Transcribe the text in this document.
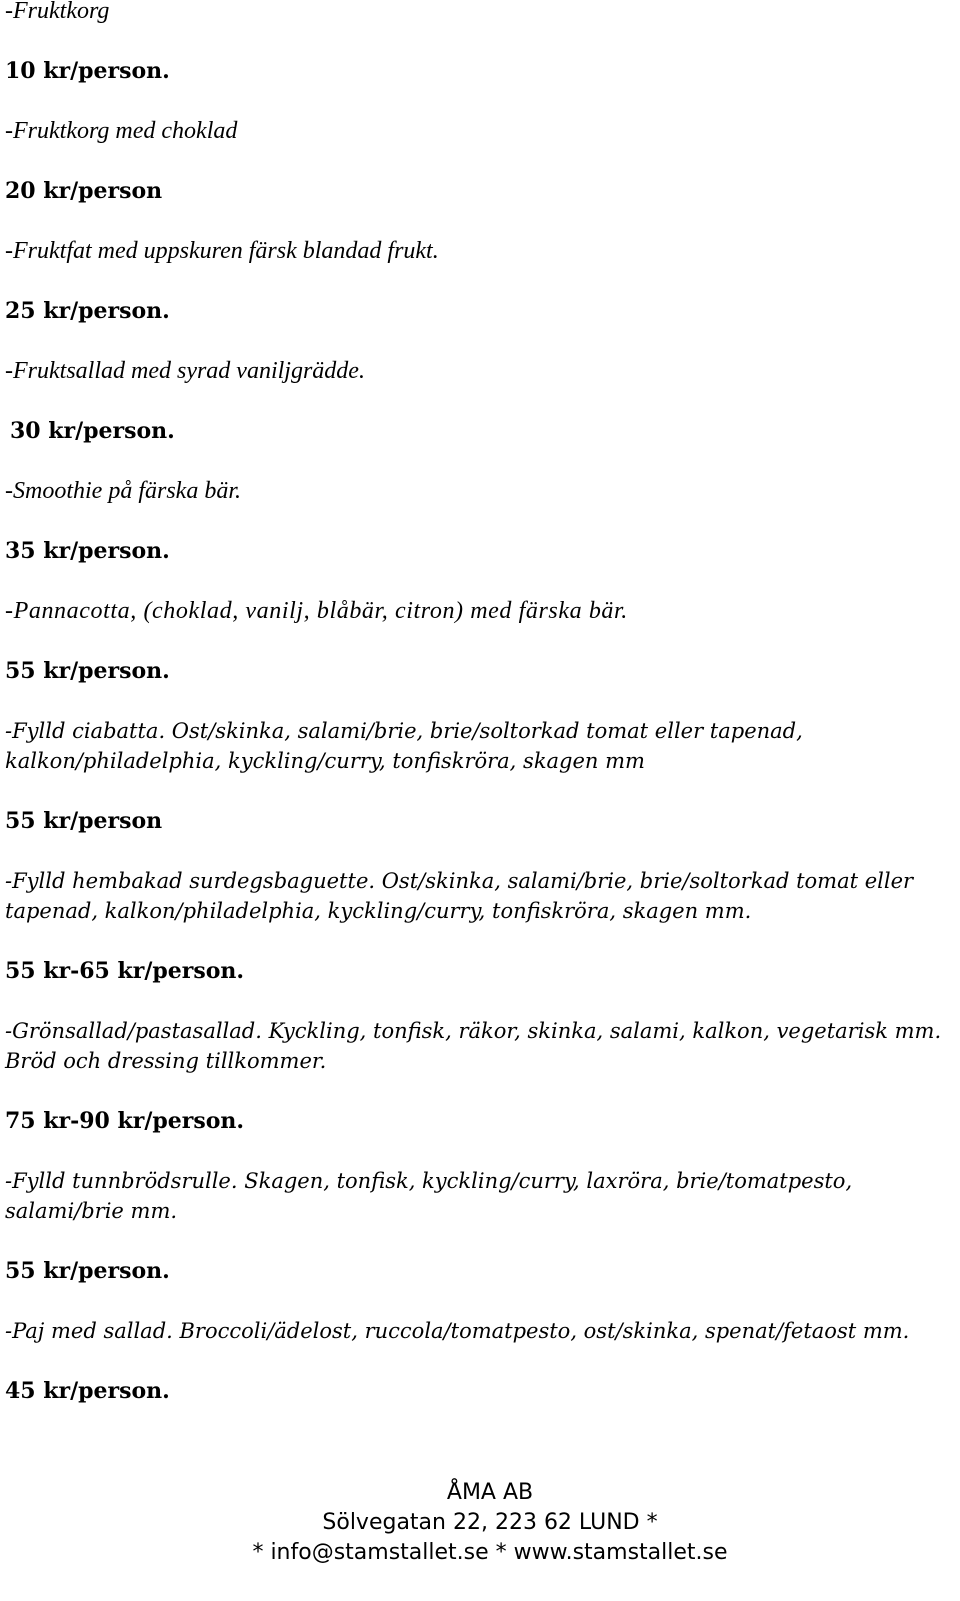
-Fruktkorg
10 kr/person.
-Fruktkorg med choklad
20 kr/person
-Fruktfat med uppskuren färsk blandad frukt.
25 kr/person.
-Fruktsallad med syrad vaniljgrädde.
30 kr/person.
-Smoothie på färska bär.
35 kr/person.
-Pannacotta, (choklad, vanilj, blåbär, citron) med färska bär.
55 kr/person.
-Fylld ciabatta. Ost/skinka, salami/brie, brie/soltorkad tomat eller tapenad,
kalkon/philadelphia, kyckling/curry, tonfiskröra, skagen mm
55 kr/person
-Fylld hembakad surdegsbaguette. Ost/skinka, salami/brie, brie/soltorkad tomat eller
tapenad, kalkon/philadelphia, kyckling/curry, tonfiskröra, skagen mm.
55 kr-65 kr/person.
-Grönsallad/pastasallad. Kyckling, tonfisk, räkor, skinka, salami, kalkon, vegetarisk mm.
Bröd och dressing tillkommer.
75 kr-90 kr/person.
-Fylld tunnbrödsrulle. Skagen, tonfisk, kyckling/curry, laxröra, brie/tomatpesto,
salami/brie mm.
55 kr/person.
-Paj med sallad. Broccoli/ädelost, ruccola/tomatpesto, ost/skinka, spenat/fetaost mm.
45 kr/person.
ÅMA AB
Sölvegatan 22, 223 62 LUND *
* info@stamstallet.se * www.stamstallet.se
